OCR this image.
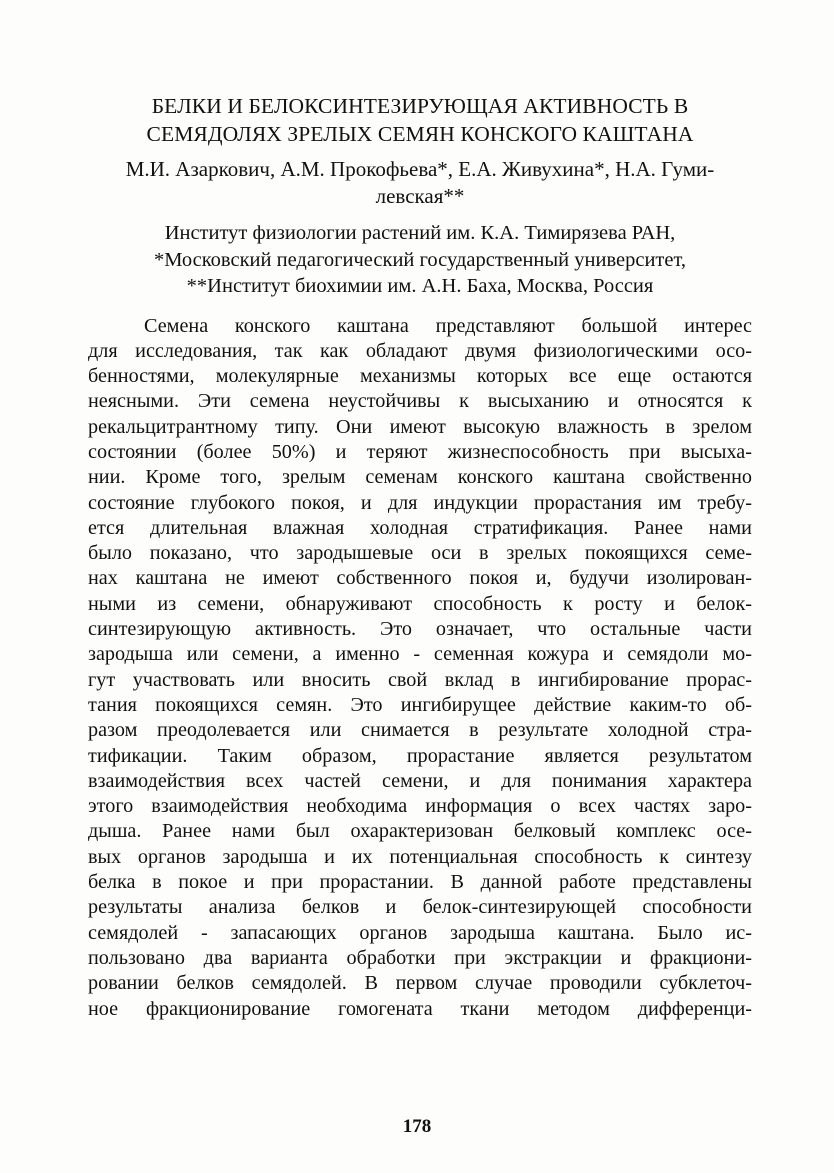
БЕЛКИ И БЕЛОКСИНТЕЗИРУЮЩАЯ АКТИВНОСТЬ В
СЕМЯДОЛЯХ ЗРЕЛЫХ СЕМЯН КОНСКОГО КАШТАНА

М.И. Азаркович, А.М. Прокофьева*, Е.А. Живухина*, Н.А. Гуми-
левская**

Институт физиологии растений им. К.А. Тимирязева РАН,
*Московский педагогический государственный университет,
**Институт биохимии им. А.Н. Баха, Москва, Россия

Семена конского каштана представляют большой интерес
для исследования, так как обладают двумя физиологическими осо-
бенностями, молекулярные механизмы которых все еще остаются
неясными. Эти семена неустойчивы к высыханию и относятся к
рекальцитрантному типу. Они имеют высокую влажность в зрелом
состоянии (более 50%) и теряют жизнеспособность при высыха-
нии. Кроме того, зрелым семенам конского каштана свойственно
состояние глубокого покоя, и для индукции прорастания им требу-
ется длительная влажная холодная стратификация. Ранее нами
было показано, что зародышевые оси в зрелых покоящихся семе-
нах каштана не имеют собственного покоя и, будучи изолирован-
ными из семени, обнаруживают способность к росту и белок-
синтезирующую активность. Это означает, что остальные части
зародыша или семени, а именно - семенная кожура и семядоли мо-
гут участвовать или вносить свой вклад в ингибирование прорас-
тания покоящихся семян. Это ингибирущее действие каким-то об-
разом преодолевается или снимается в результате холодной стра-
тификации. Таким образом, прорастание является результатом
взаимодействия всех частей семени, и для понимания характера
этого взаимодействия необходима информация о всех частях заро-
дыша. Ранее нами был охарактеризован белковый комплекс осе-
вых органов зародыша и их потенциальная способность к синтезу
белка в покое и при прорастании. В данной работе представлены
результаты анализа белков и белок-синтезирующей способности
семядолей - запасающих органов зародыша каштана. Было ис-
пользовано два варианта обработки при экстракции и фракциони-
ровании белков семядолей. В первом случае проводили субклеточ-
ное фракционирование гомогената ткани методом дифференци-
178
